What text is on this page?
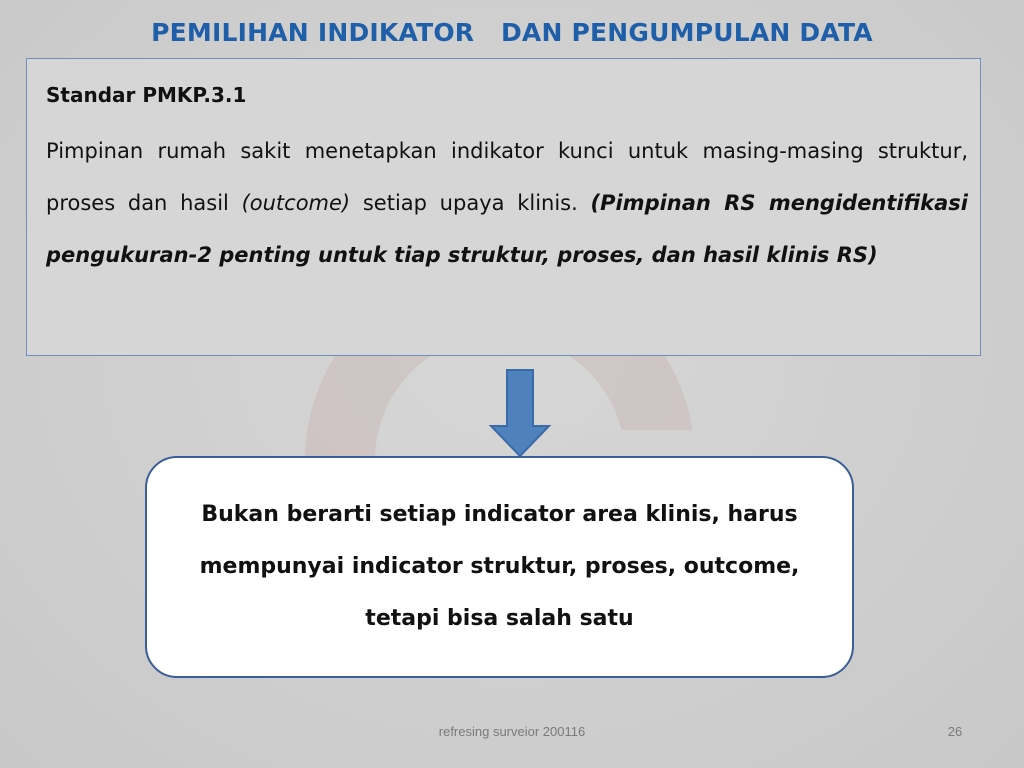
PEMILIHAN INDIKATOR   DAN PENGUMPULAN DATA
Standar PMKP.3.1

Pimpinan rumah sakit menetapkan indikator kunci untuk masing-masing struktur, proses dan hasil (outcome) setiap upaya klinis. (Pimpinan RS mengidentifikasi pengukuran-2 penting untuk tiap struktur, proses, dan hasil klinis RS)

Bukan berarti setiap indicator area klinis, harus mempunyai indicator struktur, proses, outcome, tetapi bisa salah satu

refresing surveior 200116	26
